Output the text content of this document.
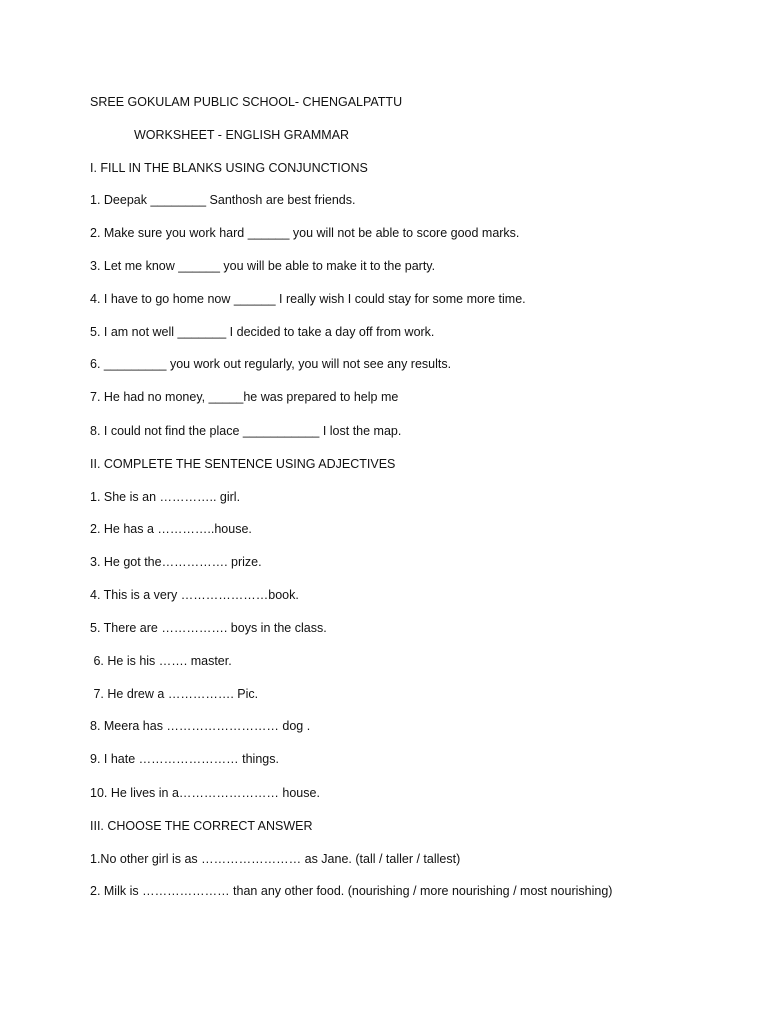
SREE GOKULAM PUBLIC SCHOOL- CHENGALPATTU
WORKSHEET - ENGLISH GRAMMAR
I. FILL IN THE BLANKS USING CONJUNCTIONS
1. Deepak ________ Santhosh are best friends.
2. Make sure you work hard ______ you will not be able to score good marks.
3. Let me know ______ you will be able to make it to the party.
4. I have to go home now ______ I really wish I could stay for some more time.
5. I am not well _______ I decided to take a day off from work.
6. _________ you work out regularly, you will not see any results.
7. He had no money, _____he was prepared to help me
8. I could not find the place ___________ I lost the map.
II. COMPLETE THE SENTENCE USING ADJECTIVES
1. She is an ………….. girl.
2. He has a …………..house.
3. He got the……………. prize.
4. This is a very …………………book.
5. There are ……………. boys in the class.
6. He is his ……. master.
7. He drew a ……………. Pic.
8. Meera has ……………………… dog .
9. I hate …………………… things.
10. He lives in a…………………… house.
III. CHOOSE THE CORRECT ANSWER
1.No other girl is as …………………… as Jane. (tall / taller / tallest)
2. Milk is ………………… than any other food. (nourishing / more nourishing / most nourishing)
